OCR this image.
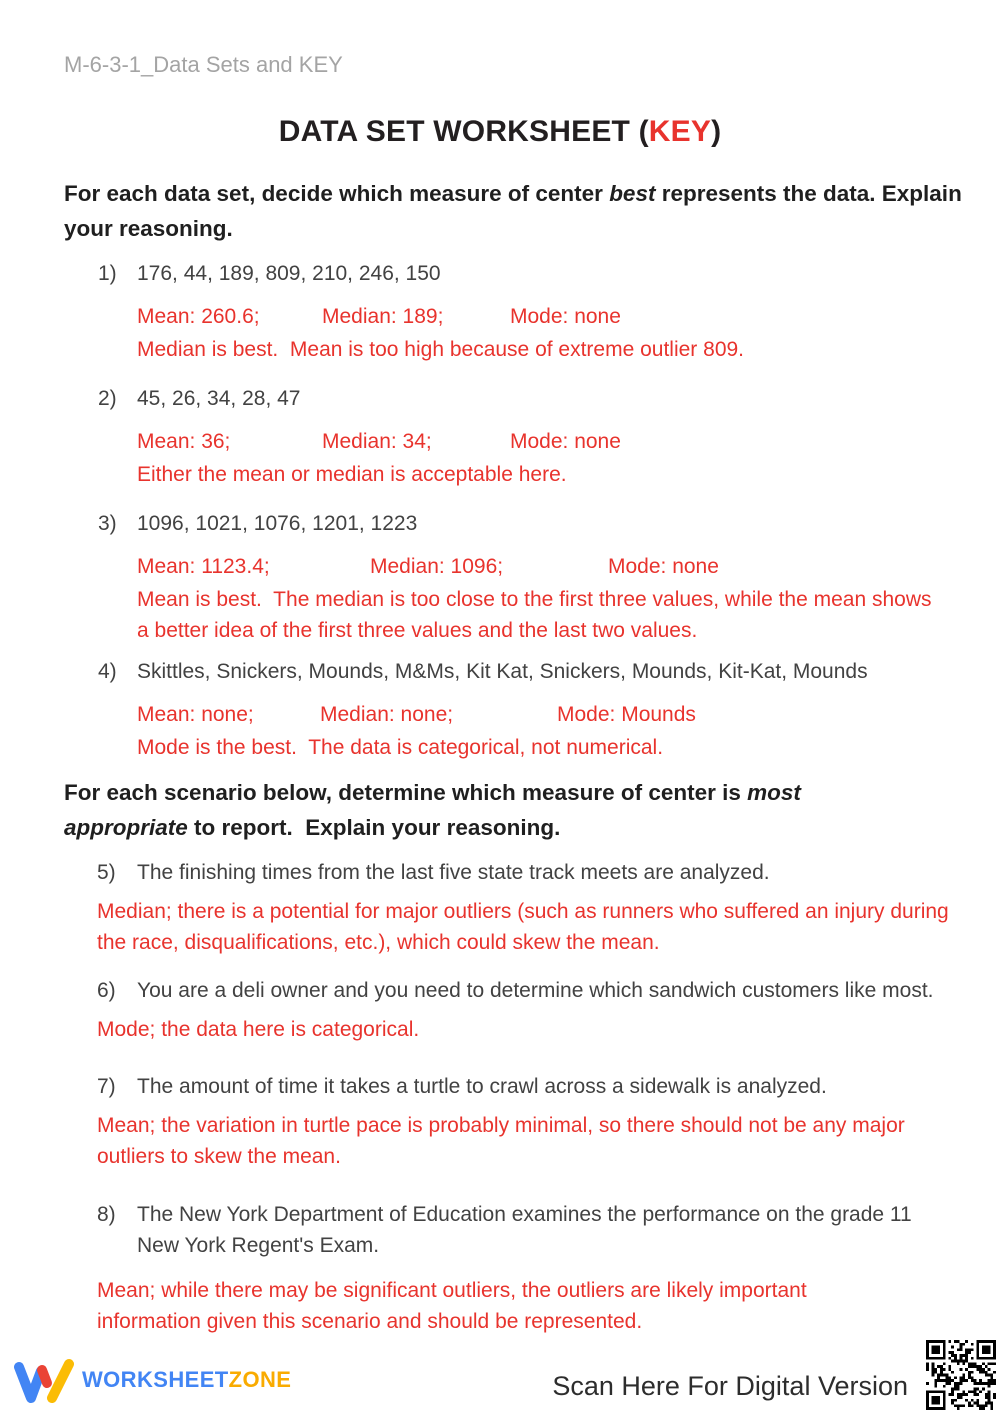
M-6-3-1_Data Sets and KEY
DATA SET WORKSHEET (KEY)
For each data set, decide which measure of center best represents the data. Explain your reasoning.
1) 176, 44, 189, 809, 210, 246, 150
Mean: 260.6;	Median: 189;	Mode: none
Median is best.  Mean is too high because of extreme outlier 809.
2) 45, 26, 34, 28, 47
Mean: 36;	Median: 34;	Mode: none
Either the mean or median is acceptable here.
3) 1096, 1021, 1076, 1201, 1223
Mean: 1123.4;	Median: 1096;	Mode: none
Mean is best.  The median is too close to the first three values, while the mean shows a better idea of the first three values and the last two values.
4) Skittles, Snickers, Mounds, M&Ms, Kit Kat, Snickers, Mounds, Kit-Kat, Mounds
Mean: none;	Median: none;	Mode: Mounds
Mode is the best.  The data is categorical, not numerical.
For each scenario below, determine which measure of center is most appropriate to report.  Explain your reasoning.
5)	The finishing times from the last five state track meets are analyzed.
Median; there is a potential for major outliers (such as runners who suffered an injury during the race, disqualifications, etc.), which could skew the mean.
6)	You are a deli owner and you need to determine which sandwich customers like most.
Mode; the data here is categorical.
7)	The amount of time it takes a turtle to crawl across a sidewalk is analyzed.
Mean; the variation in turtle pace is probably minimal, so there should not be any major outliers to skew the mean.
8)	The New York Department of Education examines the performance on the grade 11 New York Regent's Exam.
Mean; while there may be significant outliers, the outliers are likely important information given this scenario and should be represented.
WORKSHEETZONE	Scan Here For Digital Version
